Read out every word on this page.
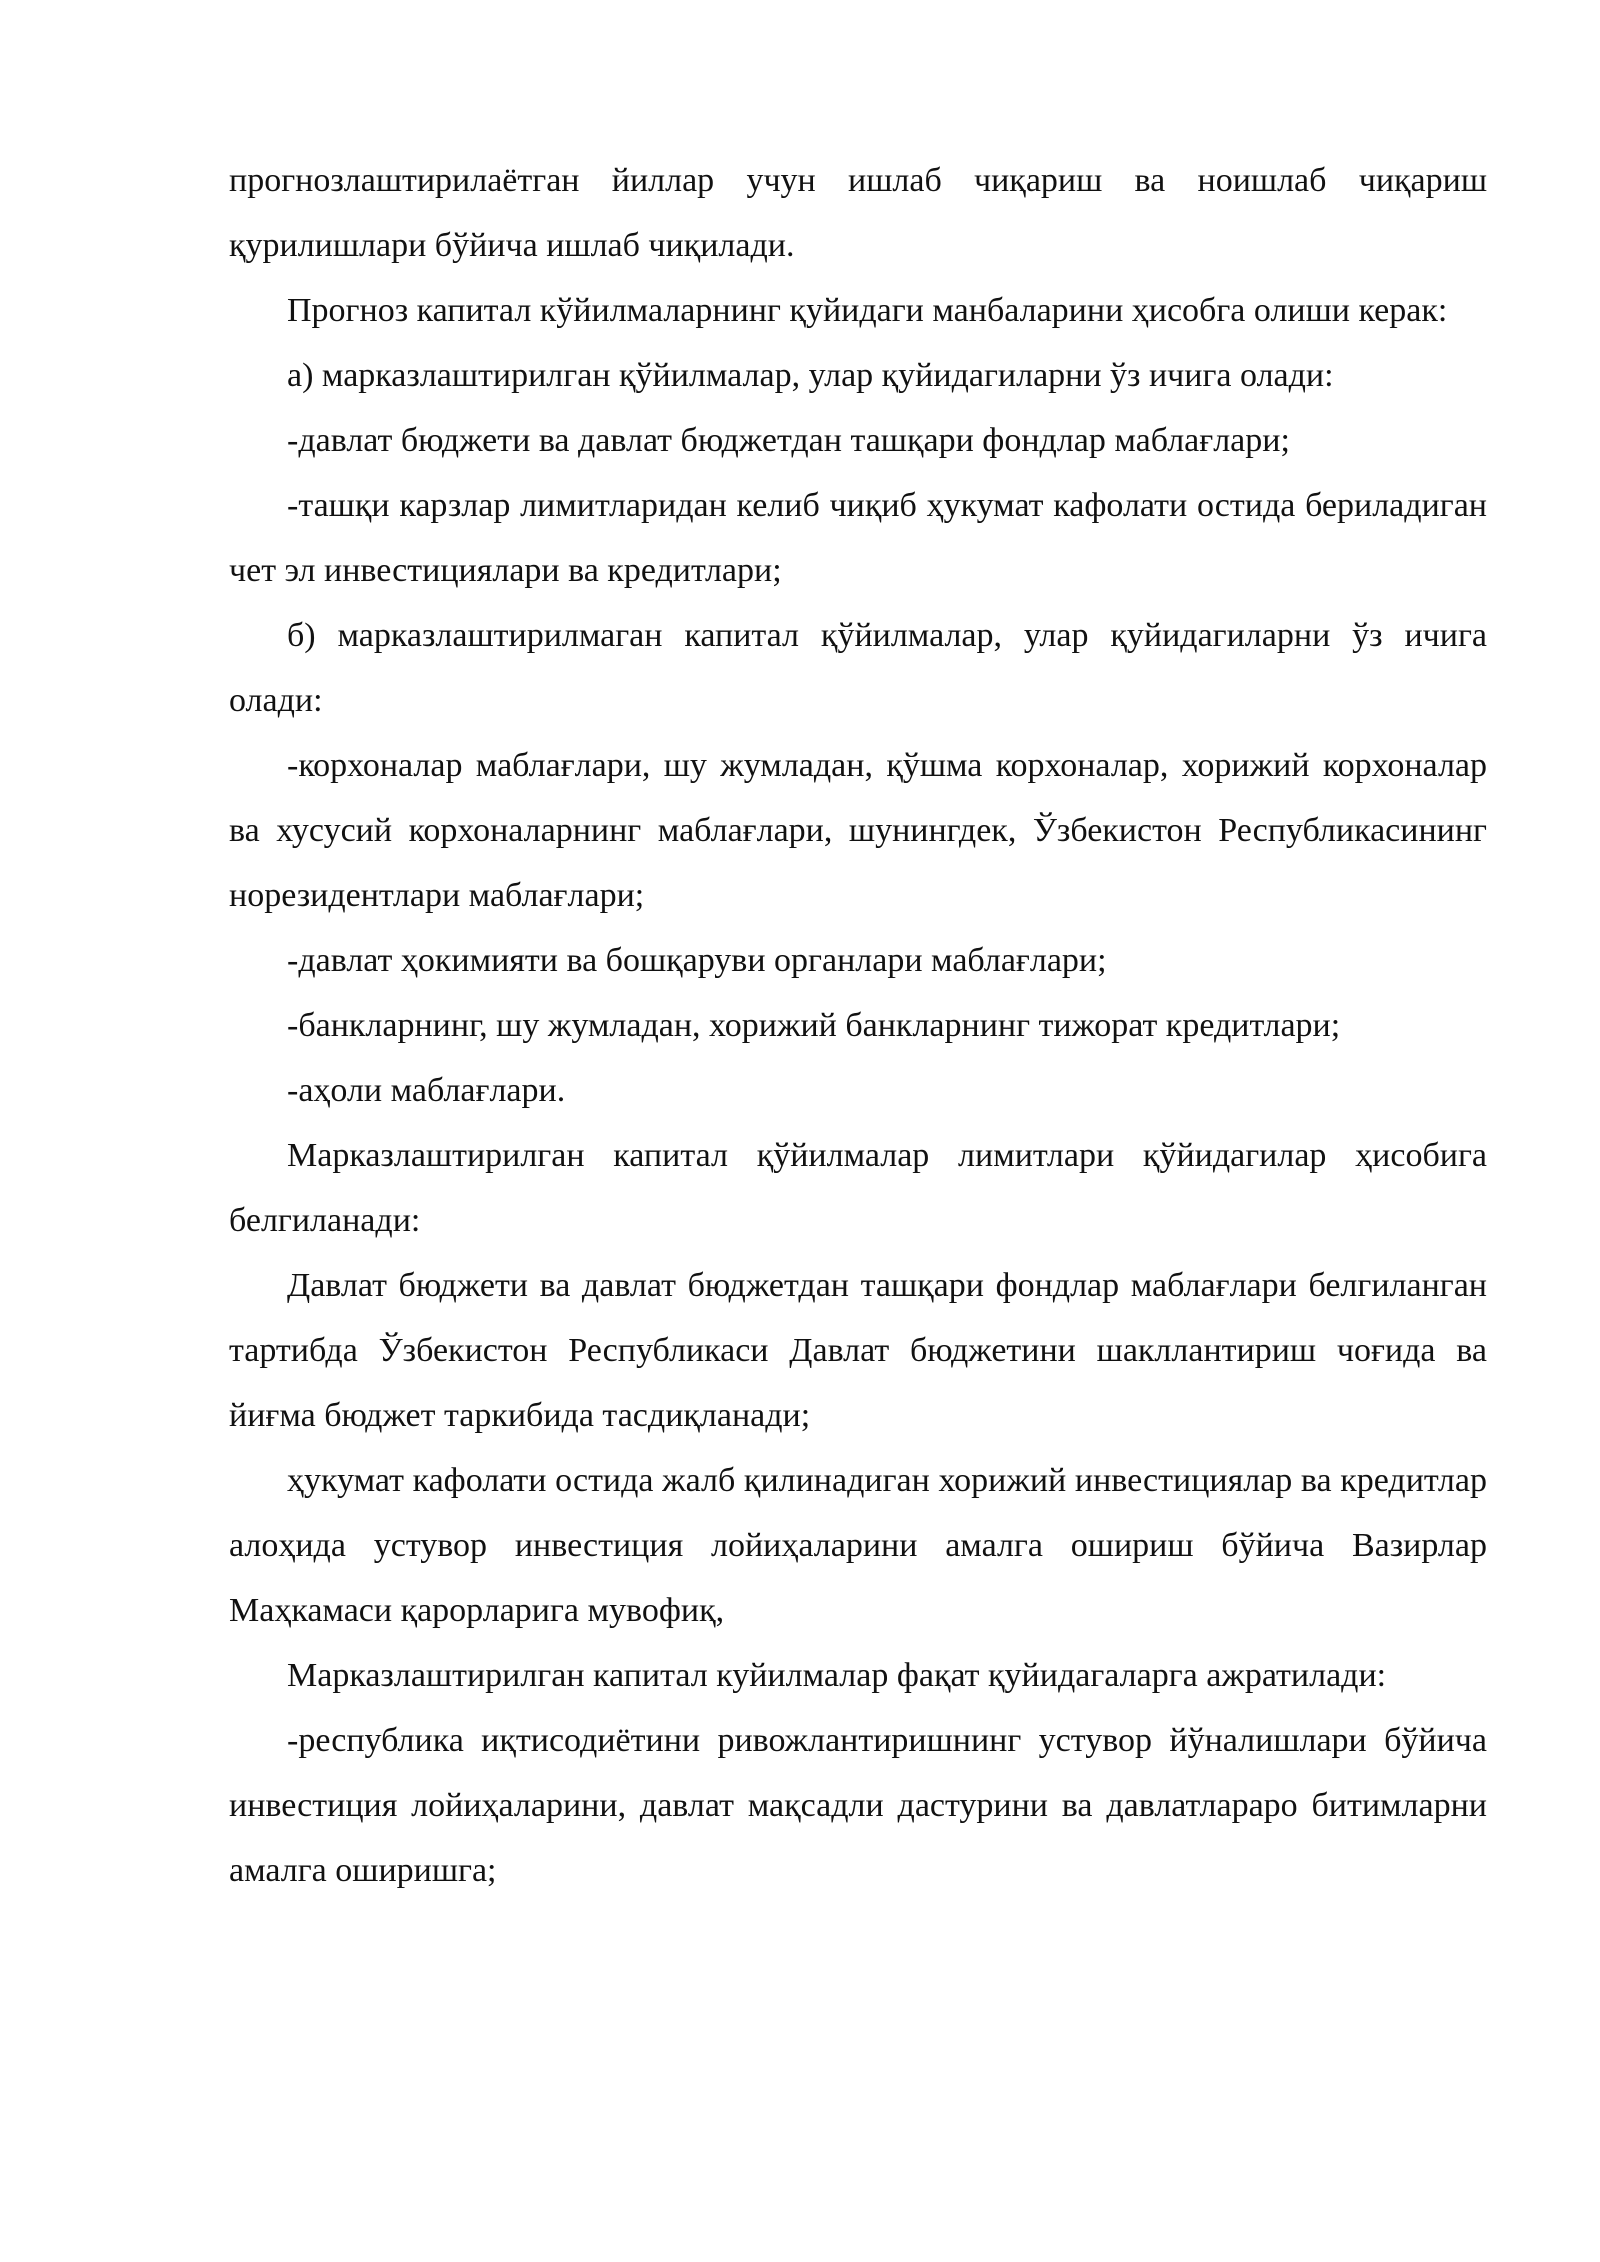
прогнозлаштирилаётган йиллар учун ишлаб чиқариш ва ноишлаб чиқариш қурилишлари бўйича ишлаб чиқилади.

Прогноз капитал кўйилмаларнинг қуйидаги манбаларини ҳисобга олиши керак:

а) марказлаштирилган қўйилмалар, улар қуйидагиларни ўз ичига олади:

-давлат бюджети ва давлат бюджетдан ташқари фондлар маблағлари;

-ташқи карзлар лимитларидан келиб чиқиб ҳукумат кафолати остида бериладиган чет эл инвестициялари ва кредитлари;

б) марказлаштирилмаган капитал қўйилмалар, улар қуйидагиларни ўз ичига олади:

-корхоналар маблағлари, шу жумладан, қўшма корхоналар, хорижий корхоналар ва хусусий корхоналарнинг маблағлари, шунингдек, Ўзбекистон Республикасининг норезидентлари маблағлари;

-давлат ҳокимияти ва бошқаруви органлари маблағлари;

-банкларнинг, шу жумладан, хорижий банкларнинг тижорат кредитлари;

-аҳоли маблағлари.

Марказлаштирилган капитал қўйилмалар лимитлари қўйидагилар ҳисобига белгиланади:

Давлат бюджети ва давлат бюджетдан ташқари фондлар маблағлари белгиланган тартибда Ўзбекистон Республикаси Давлат бюджетини шакллантириш чоғида ва йиғма бюджет таркибида тасдиқланади;

ҳукумат кафолати остида жалб қилинадиган хорижий инвестициялар ва кредитлар алоҳида устувор инвестиция лойиҳаларини амалга ошириш бўйича Вазирлар Маҳкамаси қарорларига мувофиқ,

Марказлаштирилган капитал куйилмалар фақат қуйидагаларга ажратилади:

-республика иқтисодиётини ривожлантиришнинг устувор йўналишлари бўйича инвестиция лойиҳаларини, давлат мақсадли дастурини ва давлатлараро битимларни амалга оширишга;
